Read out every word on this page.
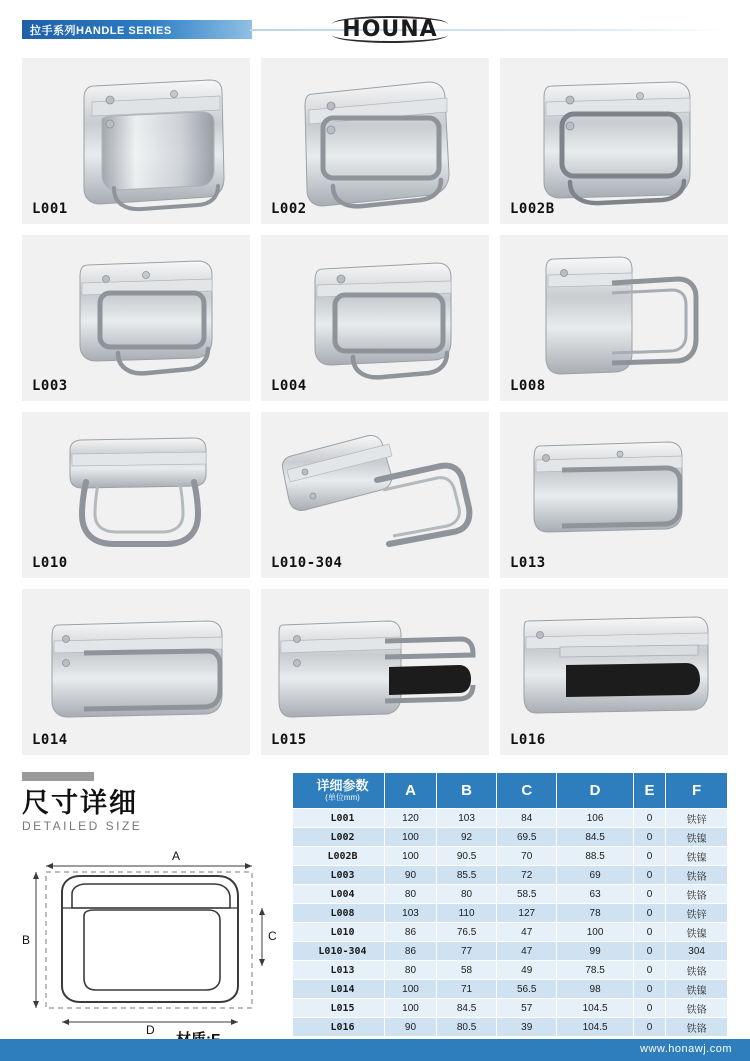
拉手系列HANDLE SERIES	HOUNA
L001	L002	L002B
L003	L004	L008
L010	L010-304	L013
L014	L015	L016
尺寸详细
DETAILED SIZE
A
B	C
D
详细参数
(单位mm)	A	B	C	D	E	F
L001	120	103	84	106	0	铁锌
L002	100	92	69.5	84.5	0	铁镍
L002B	100	90.5	70	88.5	0	铁镍
L003	90	85.5	72	69	0	铁铬
L004	80	80	58.5	63	0	铁铬
L008	103	110	127	78	0	铁锌
L010	86	76.5	47	100	0	铁镍
L010-304	86	77	47	99	0	304
L013	80	58	49	78.5	0	铁铬
L014	100	71	56.5	98	0	铁镍
L015	100	84.5	57	104.5	0	铁铬
L016	90	80.5	39	104.5	0	铁铬
www.honawj.com
